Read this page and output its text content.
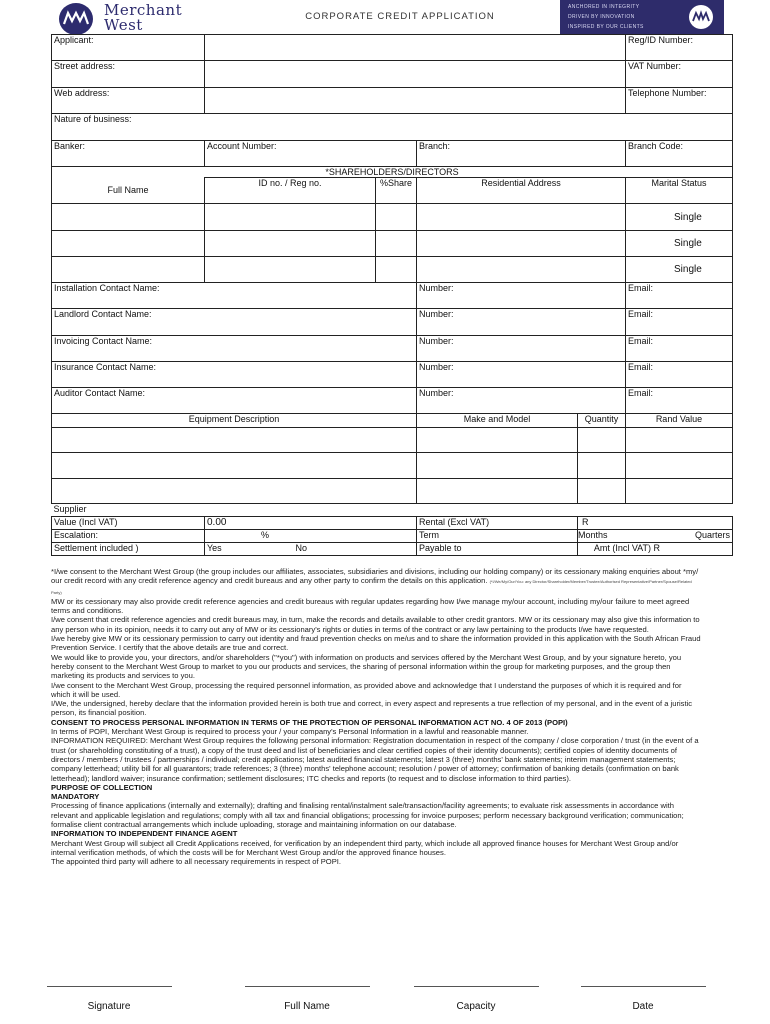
Merchant
West	CORPORATE CREDIT APPLICATION
ANCHORED IN INTEGRITY
DRIVEN BY INNOVATION
INSPIRED BY OUR CLIENTS
Applicant:					Reg/ID Number:
Street address:					VAT Number:
Web address:					Telephone Number:
Nature of business:					
Banker:	Account Number:		Branch:		Branch Code:
*SHAREHOLDERS/DIRECTORS					
Full Name	ID no. / Reg no.	%Share	Residential Address		Marital Status
					Single
					Single
					Single
Installation Contact Name:			Number:		Email:
Landlord Contact Name:			Number:		Email:
Invoicing Contact Name:			Number:		Email:
Insurance Contact Name:			Number:		Email:
Auditor Contact Name:			Number:		Email:
Equipment Description			Make and Model	Quantity	Rand Value

Supplier					
Value (Incl VAT)	0.00		Rental (Excl VAT)	R	
Escalation:	%		Term	Months	Quarters
Settlement included )	Yes	No	Payable to	Amt (Incl VAT) R	

*I/we consent to the Merchant West Group (the group includes our affiliates, associates, subsidiaries and divisions, including our holding company) or its cessionary making enquiries about *my/ our credit record with any credit reference agency and credit bureaus and any other party to confirm the details on this application. (*I/We/My/Our/You: any Director/Shareholder/Member/Trustee/Authorised Representative/Partner/Spouse/Related Party)

MW or its cessionary may also provide credit reference agencies and credit bureaus with regular updates regarding how I/we manage my/our account, including my/our failure to meet agreed terms and conditions.

I/we consent that credit reference agencies and credit bureaus may, in turn, make the records and details available to other credit grantors. MW or its cessionary may also give this information to any person who in its opinion, needs it to carry out any of MW or its cessionary's rights or duties in terms of the contract or any law pertaining to the products I/we have requested.

I/we hereby give MW or its cessionary permission to carry out identity and fraud prevention checks on me/us and to share the information provided in this application with the South African Fraud Prevention Service. I certify that the above details are true and correct.

We would like to provide you, your directors, and/or shareholders ("*you") with information on products and services offered by the Merchant West Group, and by your signature hereto, you hereby consent to the Merchant West Group to market to you our products and services, the sharing of personal information within the group for marketing purposes, and the group then marketing its products and services to you.

I/we consent to the Merchant West Group, processing the required personnel information, as provided above and acknowledge that I understand the purposes of which it is required and for which it will be used.

I/We, the undersigned, hereby declare that the information provided herein is both true and correct, in every aspect and represents a true reflection of my personal, and in the event of a juristic person, its financial position.

CONSENT TO PROCESS PERSONAL INFORMATION IN TERMS OF THE PROTECTION OF PERSONAL INFORMATION ACT NO. 4 OF 2013 (POPI)

In terms of POPI, Merchant West Group is required to process your / your company's Personal Information in a lawful and reasonable manner.

INFORMATION REQUIRED: Merchant West Group requires the following personal information: Registration documentation in respect of the company / close corporation / trust (in the event of a trust (or shareholding constituting of a trust), a copy of the trust deed and list of beneficiaries and clear certified copies of their identity documents); certified copies of identity documents of directors / members / trustees / partnerships / individual; credit applications; latest audited financial statements; latest 3 (three) months' bank statements; interim management statements; company letterhead; utility bill for all guarantors; trade references; 3 (three) months' telephone account; resolution / power of attorney; confirmation of banking details (confirmation on bank letterhead); landlord waiver; insurance confirmation; settlement disclosures; ITC checks and reports (to request and to disclose information to third parties).

PURPOSE OF COLLECTION

MANDATORY

Processing of finance applications (internally and externally); drafting and finalising rental/instalment sale/transaction/facility agreements; to evaluate risk assessments in accordance with relevant and applicable legislation and regulations; comply with all tax and financial obligations; processing for invoice purposes; perform necessary background verification; communication; formalise client contractual arrangements which include uploading, storage and maintaining information on our database.

INFORMATION TO INDEPENDENT FINANCE AGENT

Merchant West Group will subject all Credit Applications received, for verification by an independent third party, which include all approved finance houses for Merchant West Group and/or internal verification methods, of which the costs will be for Merchant West Group and/or the approved finance houses.

The appointed third party will adhere to all necessary requirements in respect of POPI.

Signature	Full Name	Capacity	Date
